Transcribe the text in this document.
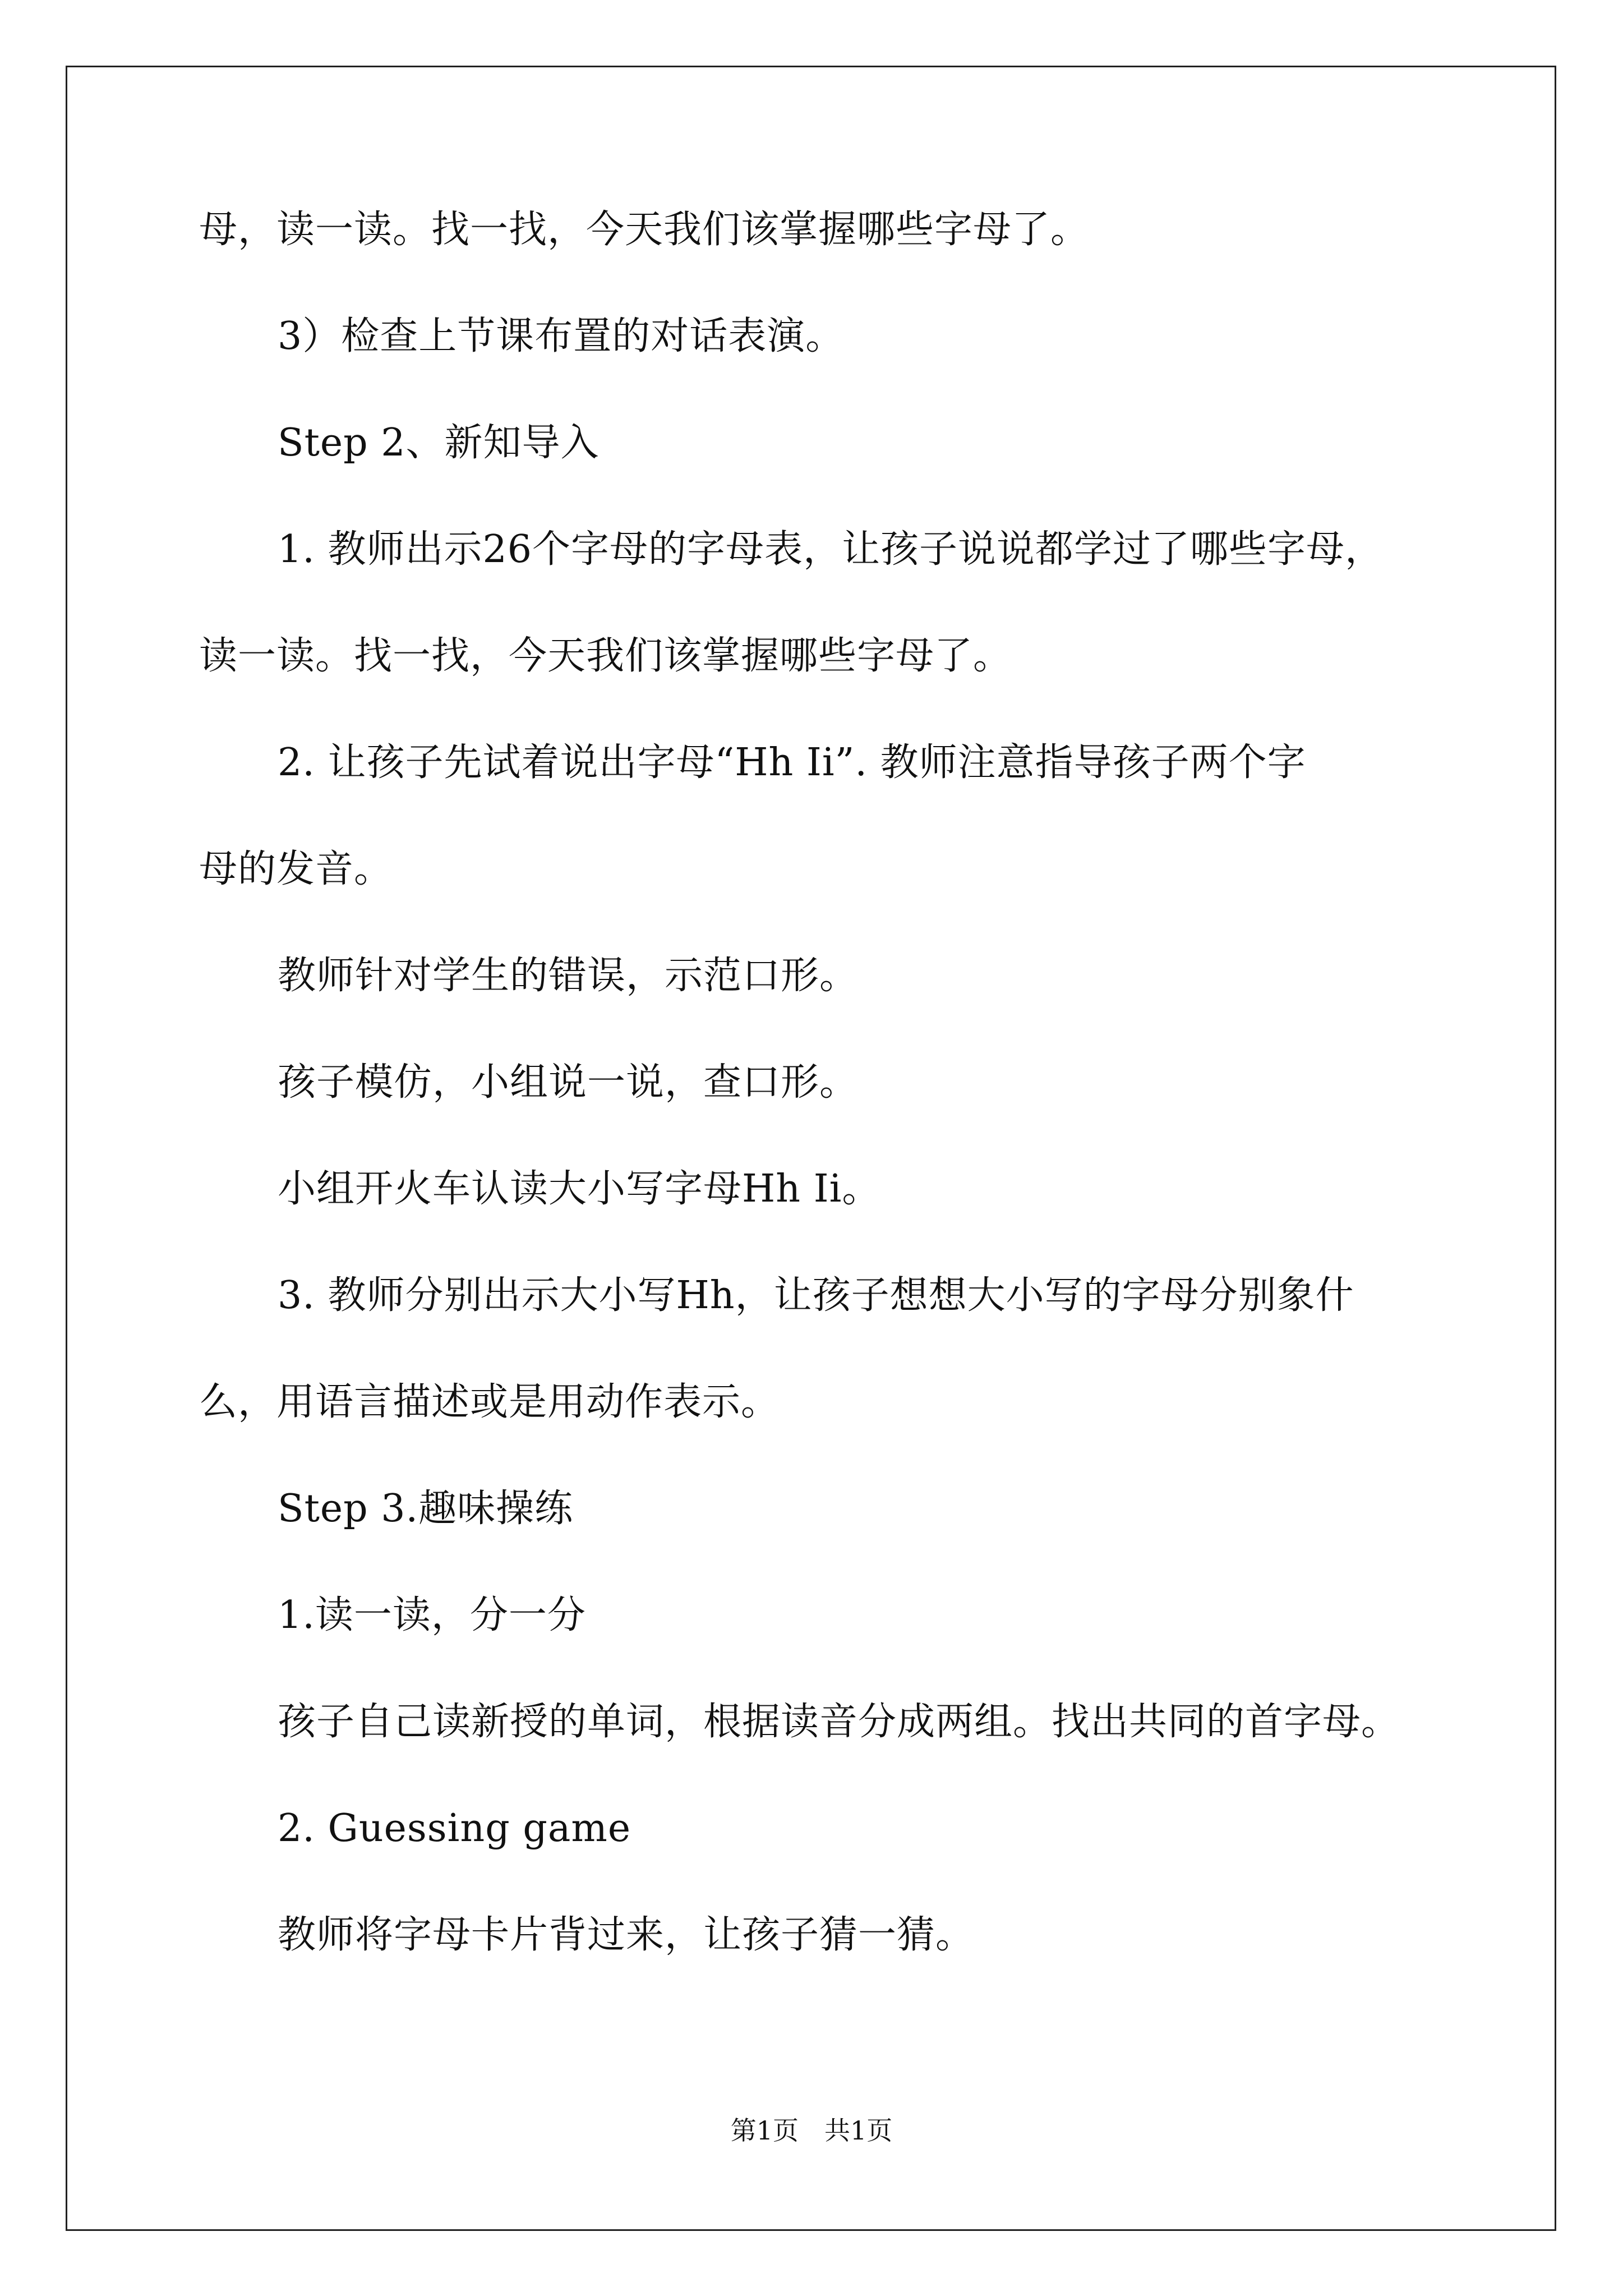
母，读一读。找一找，今天我们该掌握哪些字母了。
3）检查上节课布置的对话表演。
Step 2、新知导入
1. 教师出示26个字母的字母表，让孩子说说都学过了哪些字母，
读一读。找一找，今天我们该掌握哪些字母了。
2. 让孩子先试着说出字母“Hh Ii”. 教师注意指导孩子两个字
母的发音。
教师针对学生的错误，示范口形。
孩子模仿，小组说一说，查口形。
小组开火车认读大小写字母Hh Ii。
3. 教师分别出示大小写Hh，让孩子想想大小写的字母分别象什
么，用语言描述或是用动作表示。
Step 3.趣味操练
1.读一读，分一分
孩子自己读新授的单词，根据读音分成两组。找出共同的首字母。
2. Guessing game
教师将字母卡片背过来，让孩子猜一猜。
第1页　共1页
